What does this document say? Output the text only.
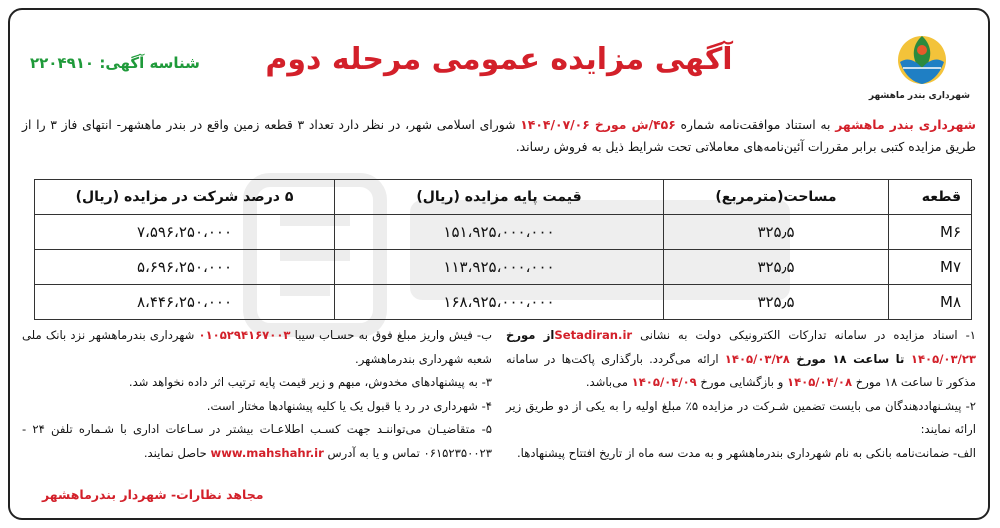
شهرداری بندر ماهشهر
آگهی مزایده عمومی مرحله دوم
شناسه آگهی: ۲۲۰۴۹۱۰
شهرداری بندر ماهشهر به استناد موافقت‌نامه شماره ۴۵۶/ش مورخ ۱۴۰۴/۰۷/۰۶ شورای اسلامی شهر، در نظر دارد تعداد ۳ قطعه زمین واقع در بندر ماهشهر- انتهای فاز ۳ را از طریق مزایده کتبی برابر مقررات آئین‌نامه‌های معاملاتی تحت شرایط ذیل به فروش رساند.
قطعه	مساحت(مترمربع)	قیمت پایه مزایده (ریال)	۵ درصد شرکت در مزایده (ریال)
M۶	۳۲۵٫۵	۱۵۱،۹۲۵،۰۰۰،۰۰۰	۷،۵۹۶،۲۵۰،۰۰۰
M۷	۳۲۵٫۵	۱۱۳،۹۲۵،۰۰۰،۰۰۰	۵،۶۹۶،۲۵۰،۰۰۰
M۸	۳۲۵٫۵	۱۶۸،۹۲۵،۰۰۰،۰۰۰	۸،۴۴۶،۲۵۰،۰۰۰

۱- اسناد مزایده در سامانه تدارکات الکترونیکی دولت به نشانی Setadiran.irاز مورخ ۱۴۰۵/۰۳/۲۳ تا ساعت ۱۸ مورخ ۱۴۰۵/۰۳/۲۸ ارائه می‌گردد. بارگذاری پاکت‌ها در سامانه مذکور تا ساعت ۱۸ مورخ ۱۴۰۵/۰۴/۰۸ و بازگشایی مورخ ۱۴۰۵/۰۴/۰۹ می‌باشد.

۲- پیشـنهاددهندگان می‌ بایست تضمین شـرکت در مزایده ۵٪ مبلغ اولیه را به یکی از دو طریق زیر ارائه نمایند:

الف- ضمانت‌نامه بانکی به نام شهرداری بندرماهشهر و به مدت سه ماه از تاریخ افتتاح پیشنهادها.

ب- فیش واریز مبلغ فوق به حسـاب سیبا ۰۱۰۵۲۹۴۱۶۷۰۰۳ شهرداری بندرماهشهر نزد بانک ملی شعبه شهرداری بندرماهشهر.

۳- به پیشنهادهای مخدوش، مبهم و زیر قیمت پایه ترتیب اثر داده نخواهد شد.

۴- شهرداری در رد یا قبول یک یا کلیه پیشنهادها مختار است.

۵- متقاضیـان می‌تواننـد جهت کسـب اطلاعـات بیشتر در سـاعات اداری با شـماره تلفن ۲۴ - ۰۶۱۵۲۳۵۰۰۲۳ تماس و یا به آدرس www.mahshahr.ir حاصل نمایند.

مجاهد نظارات- شهردار بندرماهشهر
